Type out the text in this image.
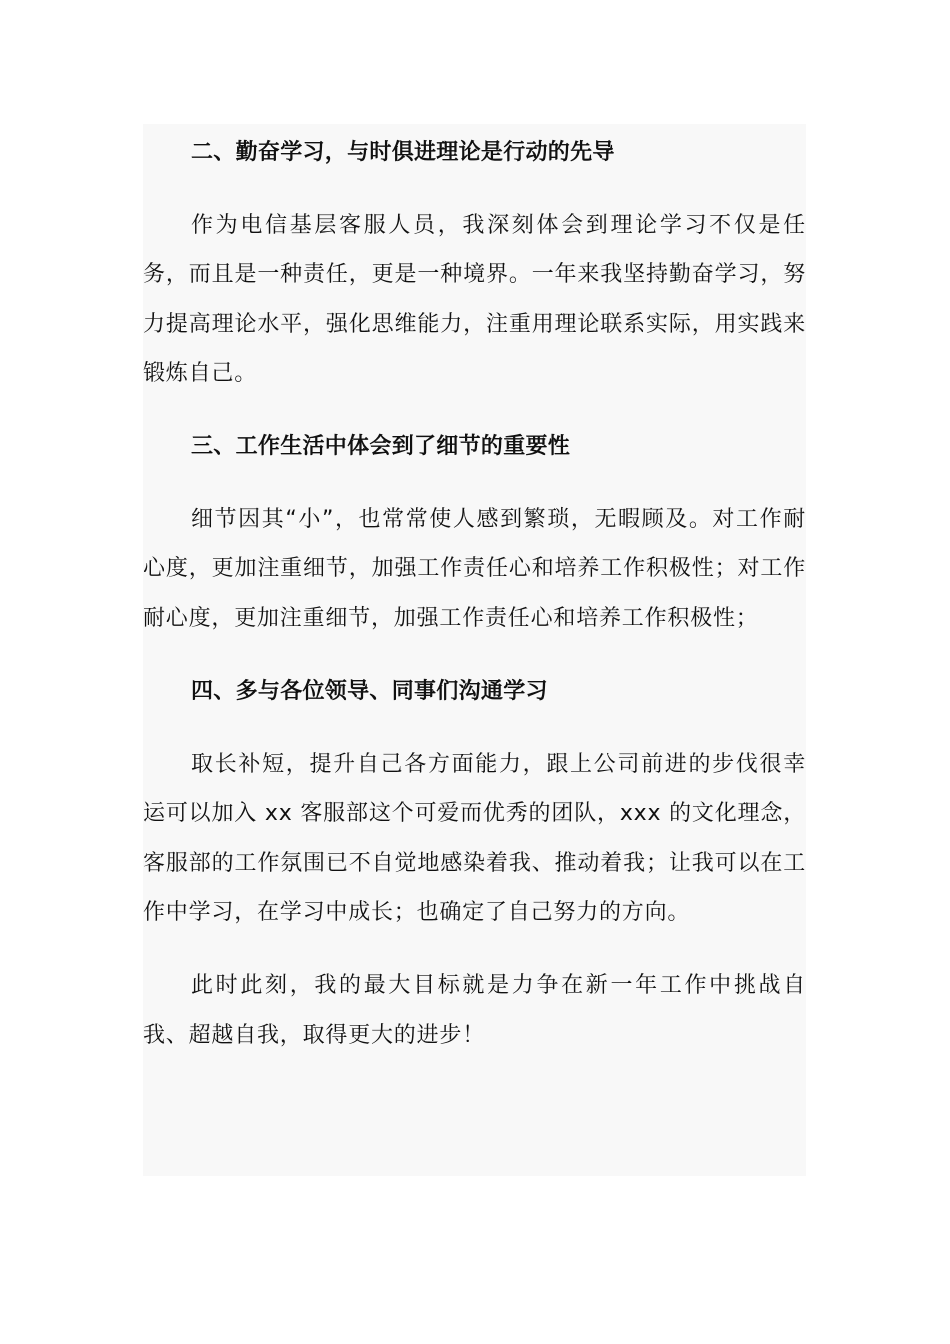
二、勤奋学习，与时俱进理论是行动的先导

作为电信基层客服人员，我深刻体会到理论学习不仅是任务，而且是一种责任，更是一种境界。一年来我坚持勤奋学习，努力提高理论水平，强化思维能力，注重用理论联系实际，用实践来锻炼自己。

三、工作生活中体会到了细节的重要性

细节因其“小”，也常常使人感到繁琐，无暇顾及。对工作耐心度，更加注重细节，加强工作责任心和培养工作积极性；对工作耐心度，更加注重细节，加强工作责任心和培养工作积极性；

四、多与各位领导、同事们沟通学习

取长补短，提升自己各方面能力，跟上公司前进的步伐很幸运可以加入 xx 客服部这个可爱而优秀的团队，xxx 的文化理念，客服部的工作氛围已不自觉地感染着我、推动着我；让我可以在工作中学习，在学习中成长；也确定了自己努力的方向。

此时此刻，我的最大目标就是力争在新一年工作中挑战自我、超越自我，取得更大的进步！
